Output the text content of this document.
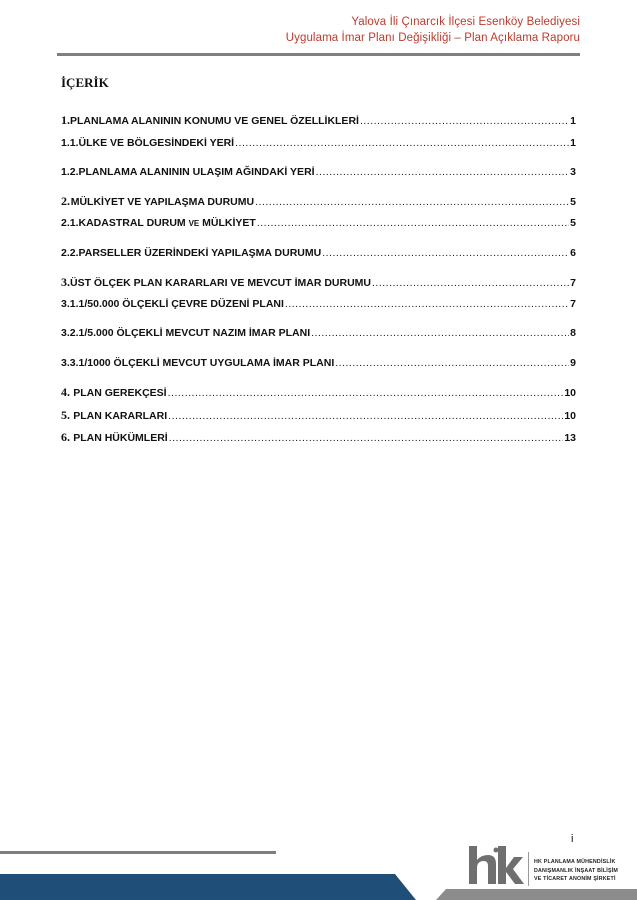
Yalova İli Çınarcık İlçesi Esenköy Belediyesi
Uygulama İmar Planı Değişikliği – Plan Açıklama Raporu
İÇERİK
1. PLANLAMA ALANININ KONUMU VE GENEL ÖZELLİKLERİ .....	1
1.1. ÜLKE VE BÖLGESİNDEKİ YERİ .....	1
1.2. PLANLAMA ALANININ ULAŞIM AĞINDAKİ YERİ .....	3
2. MÜLKİYET VE YAPILAŞMA DURUMU .....	5
2.1. KADASTRAL DURUM VE MÜLKİYET .....	5
2.2. PARSELLER ÜZERİNDEKİ YAPILAŞMA DURUMU .....	6
3. ÜST ÖLÇEK PLAN KARARLARI VE MEVCUT İMAR DURUMU .....	7
3.1. 1/50.000 ÖLÇEKLİ ÇEVRE DÜZENİ PLANI .....	7
3.2. 1/5.000 ÖLÇEKLİ MEVCUT NAZIM İMAR PLANI .....	8
3.3. 1/1000 ÖLÇEKLİ MEVCUT UYGULAMA İMAR PLANI .....	9
4. PLAN GEREKÇESİ .....	10
5. PLAN KARARLARI .....	10
6. PLAN HÜKÜMLERİ .....	13
i
HK PLANLAMA MÜHENDİSLİK
DANIŞMANLIK İNŞAAT BİLİŞİM
VE TİCARET ANONİM ŞİRKETİ
